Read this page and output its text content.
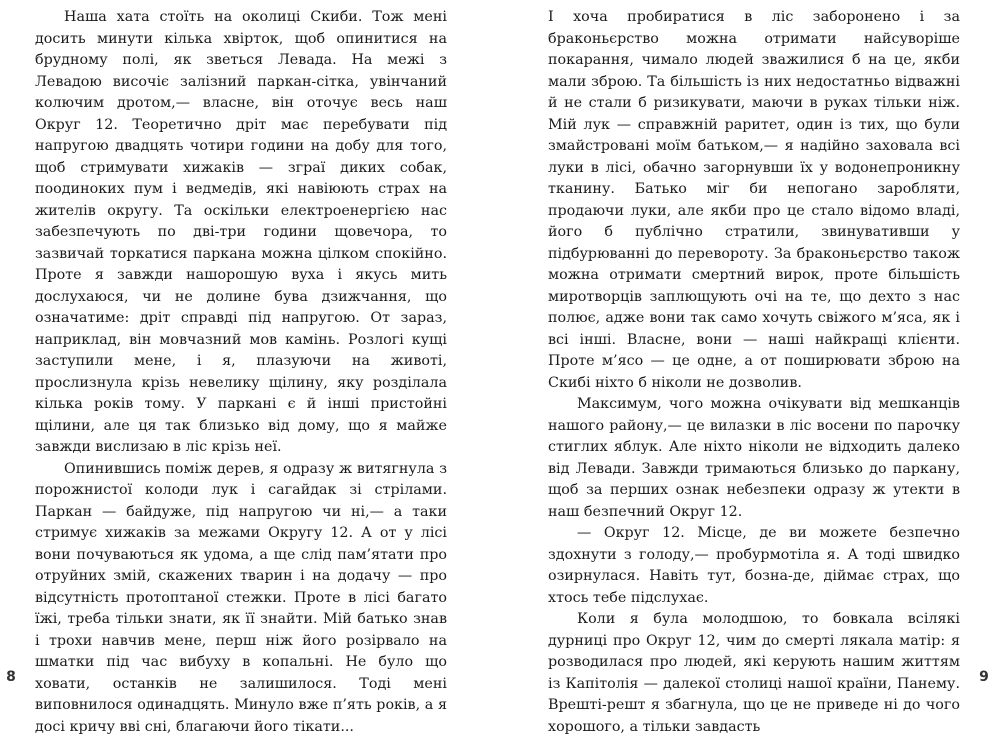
Наша хата стоїть на околиці Скиби. Тож мені досить минути кілька хвірток, щоб опинитися на брудному полі, як зветься Левада. На межі з Левадою височіє залізний паркан-сітка, увінчаний колючим дротом,— власне, він оточує весь наш Округ 12. Теоретично дріт має перебувати під напругою двадцять чотири години на добу для того, щоб стримувати хижаків — зграї диких собак, поодиноких пум і ведмедів, які навіюють страх на жителів округу. Та оскільки електроенергією нас забезпечують по дві-три години щовечора, то зазвичай торкатися паркана можна цілком спокійно. Проте я завжди нашорошую вуха і якусь мить дослухаюся, чи не долине бува дзижчання, що означатиме: дріт справді під напругою. От зараз, наприклад, він мовчазний мов камінь. Розлогі кущі заступили мене, і я, плазуючи на животі, прослизнула крізь невелику щілину, яку розділала кілька років тому. У паркані є й інші пристойні щілини, але ця так близько від дому, що я майже завжди вислизаю в ліс крізь неї.

Опинившись поміж дерев, я одразу ж витягнула з порожнистої колоди лук і сагайдак зі стрілами. Паркан — байдуже, під напругою чи ні,— а таки стримує хижаків за межами Округу 12. А от у лісі вони почуваються як удома, а ще слід пам’ятати про отруйних змій, скажених тварин і на додачу — про відсутність протоптаної стежки. Проте в лісі багато їжі, треба тільки знати, як її знайти. Мій батько знав і трохи навчив мене, перш ніж його розірвало на шматки під час вибуху в копальні. Не було що ховати, останків не залишилося. Тоді мені виповнилося одинадцять. Минуло вже п’ять років, а я досі кричу вві сні, благаючи його тікати...

І хоча пробиратися в ліс заборонено і за браконьєрство можна отримати найсуворіше покарання, чимало людей зважилися б на це, якби мали зброю. Та більшість із них недостатньо відважні й не стали б ризикувати, маючи в руках тільки ніж. Мій лук — справжній раритет, один із тих, що були змайстровані моїм батьком,— я надійно заховала всі луки в лісі, обачно загорнувши їх у водонепроникну тканину. Батько міг би непогано заробляти, продаючи луки, але якби про це стало відомо владі, його б публічно стратили, звинувативши у підбурюванні до перевороту. За браконьєрство також можна отримати смертний вирок, проте більшість миротворців заплющують очі на те, що дехто з нас полює, адже вони так само хочуть свіжого м’яса, як і всі інші. Власне, вони — наші найкращі клієнти. Проте м’ясо — це одне, а от поширювати зброю на Скибі ніхто б ніколи не дозволив.

Максимум, чого можна очікувати від мешканців нашого району,— це вилазки в ліс восени по парочку стиглих яблук. Але ніхто ніколи не відходить далеко від Левади. Завжди тримаються близько до паркану, щоб за перших ознак небезпеки одразу ж утекти в наш безпечний Округ 12.

— Округ 12. Місце, де ви можете безпечно здохнути з голоду,— пробурмотіла я. А тоді швидко озирнулася. Навіть тут, бозна-де, діймає страх, що хтось тебе підслухає.

Коли я була молодшою, то бовкала всілякі дурниці про Округ 12, чим до смерті лякала матір: я розводилася про людей, які керують нашим життям із Капітолія — далекої столиці нашої країни, Панему. Врешті-решт я збагнула, що це не приведе ні до чого хорошого, а тільки завдасть

8	9
